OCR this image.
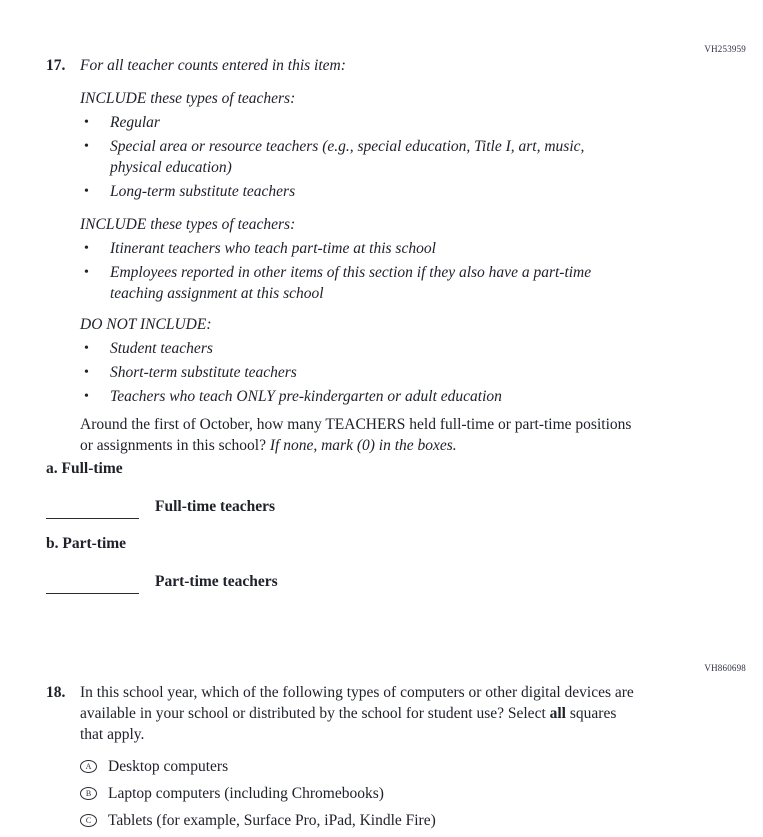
VH253959
17. For all teacher counts entered in this item:
INCLUDE these types of teachers:
• Regular
• Special area or resource teachers (e.g., special education, Title I, art, music, physical education)
• Long-term substitute teachers
INCLUDE these types of teachers:
• Itinerant teachers who teach part-time at this school
• Employees reported in other items of this section if they also have a part-time teaching assignment at this school
DO NOT INCLUDE:
• Student teachers
• Short-term substitute teachers
• Teachers who teach ONLY pre-kindergarten or adult education
Around the first of October, how many TEACHERS held full-time or part-time positions or assignments in this school? If none, mark (0) in the boxes.
a. Full-time
Full-time teachers
b. Part-time
Part-time teachers
VH860698
18. In this school year, which of the following types of computers or other digital devices are available in your school or distributed by the school for student use? Select all squares that apply.
A	Desktop computers
B	Laptop computers (including Chromebooks)
C	Tablets (for example, Surface Pro, iPad, Kindle Fire)
